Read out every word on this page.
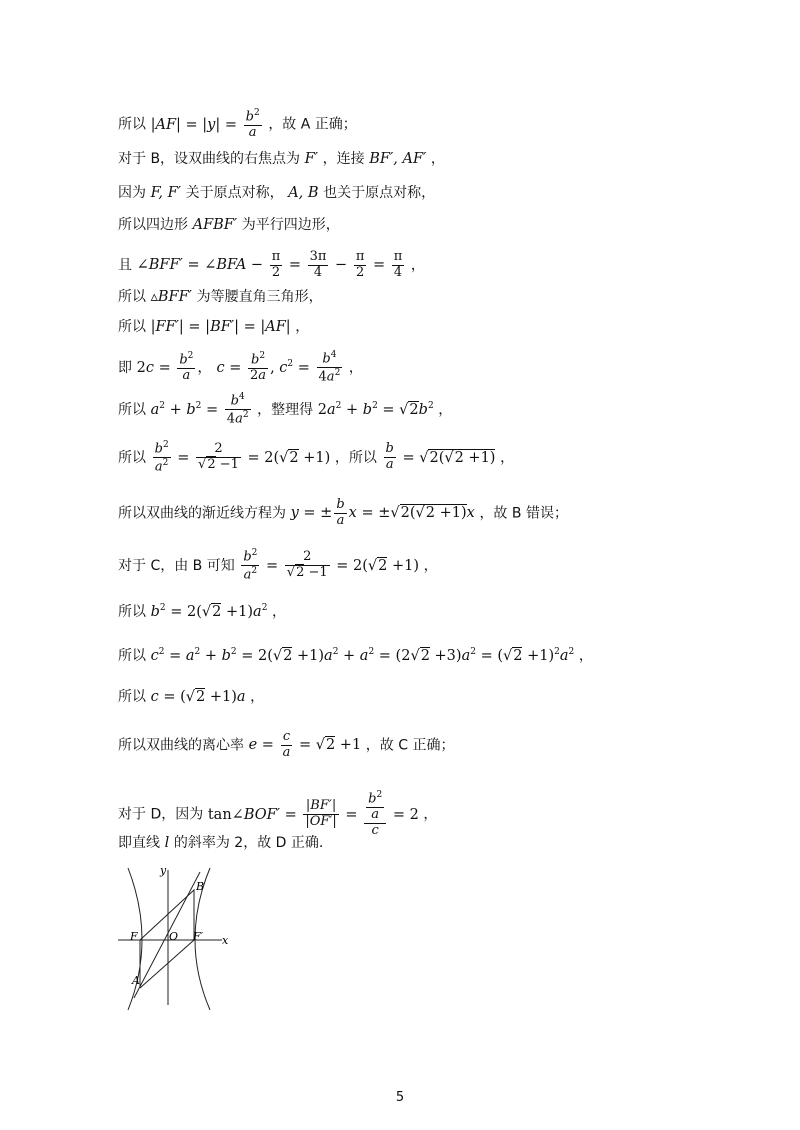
所以 $|AF| = |y| = \frac{b^2}{a}$ ，故 A 正确；
对于 B，设双曲线的右焦点为 F′ ，连接 BF′, AF′ ，
因为 F, F′ 关于原点对称， A, B 也关于原点对称，
所以四边形 AFBF′ 为平行四边形，
且 ∠BFF′ = ∠BFA − $\frac{\pi}{2} = \frac{3\pi}{4} - \frac{\pi}{2} = \frac{\pi}{4}$ ，
所以 ▵BFF′ 为等腰直角三角形，
所以 |FF′| = |BF′| = |AF| ，
即 $2c = \frac{b^2}{a}$ ， $c = \frac{b^2}{2a}$ , $c^2 = \frac{b^4}{4a^2}$ ，
所以 $a^2 + b^2 = \frac{b^4}{4a^2}$ ，整理得 $2a^2 + b^2 = √2b^2$ ，
所以 $\frac{b^2}{a^2} = \frac{2}{√2 -1} = 2(√2 +1)$ ，所以 $\frac{b}{a} = √2(√2 +1)$ ，
所以双曲线的渐近线方程为 y = ± $\frac{b}{a}$ x = ±√2(√2 +1)x ，故 B 错误；
对于 C，由 B 可知 $\frac{b^2}{a^2} = \frac{2}{√2 -1} = 2(√2 +1)$ ，
所以 $b^2 = 2(√2 +1)a^2$ ，
所以 $c^2 = a^2 + b^2 = 2(√2 +1)a^2 + a^2 = (2√2 +3)a^2 = (√2 +1)^2a^2$ ，
所以 c = (√2 +1)a ，
所以双曲线的离心率 $e = \frac{c}{a} = √2 +1$ ，故 C 正确；
对于 D，因为 tan∠BOF′ = $\frac{|BF'|}{|OF'|} = \frac{\frac{b^2}{a}}{c} = 2$ ，
即直线 l 的斜率为 2，故 D 正确.
y
x
B
A
F	O F′
5
